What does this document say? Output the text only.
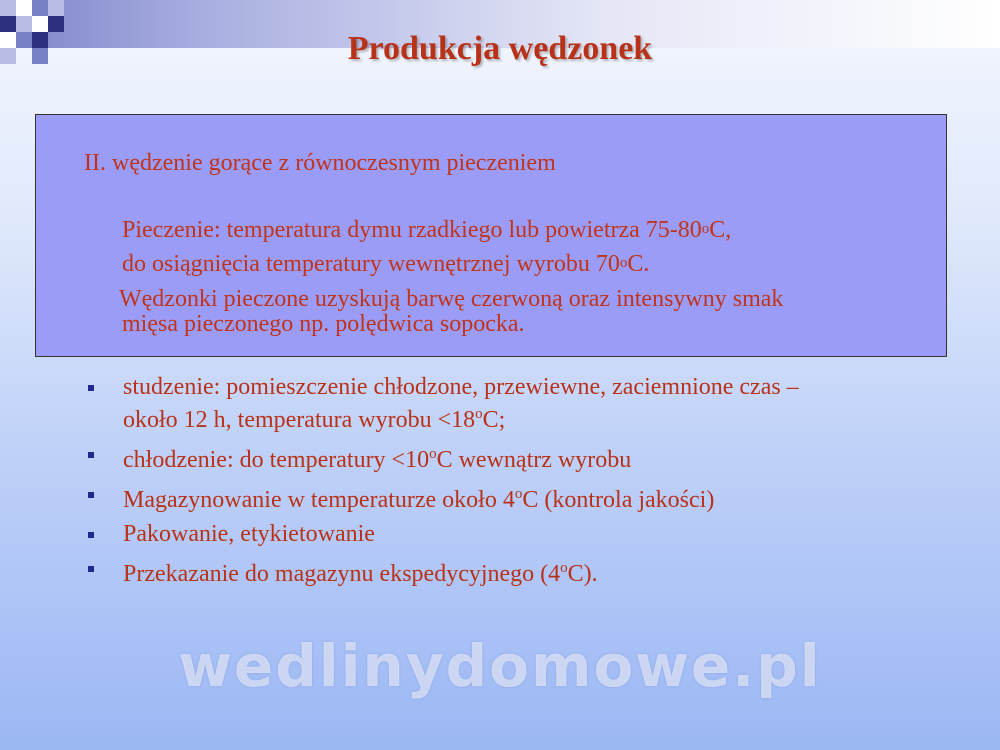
Produkcja wędzonek
II. wędzenie gorące z równoczesnym pieczeniem
Pieczenie: temperatura dymu rzadkiego lub powietrza 75-80$^o$C,
do osiągnięcia temperatury wewnętrznej wyrobu 70$^o$C.
Wędzonki pieczone uzyskują barwę czerwoną oraz intensywny smak
mięsa pieczonego np. polędwica sopocka.
studzenie: pomieszczenie chłodzone, przewiewne, zaciemnione czas –
około 12 h, temperatura wyrobu $<18^oC$;
chłodzenie: do temperatury $<10^oC$ wewnątrz wyrobu
Magazynowanie w temperaturze około 4$^o$C (kontrola jakości)
Pakowanie, etykietowanie
Przekazanie do magazynu ekspedycyjnego (4$^o$C).
wedlinydomowe.pl
